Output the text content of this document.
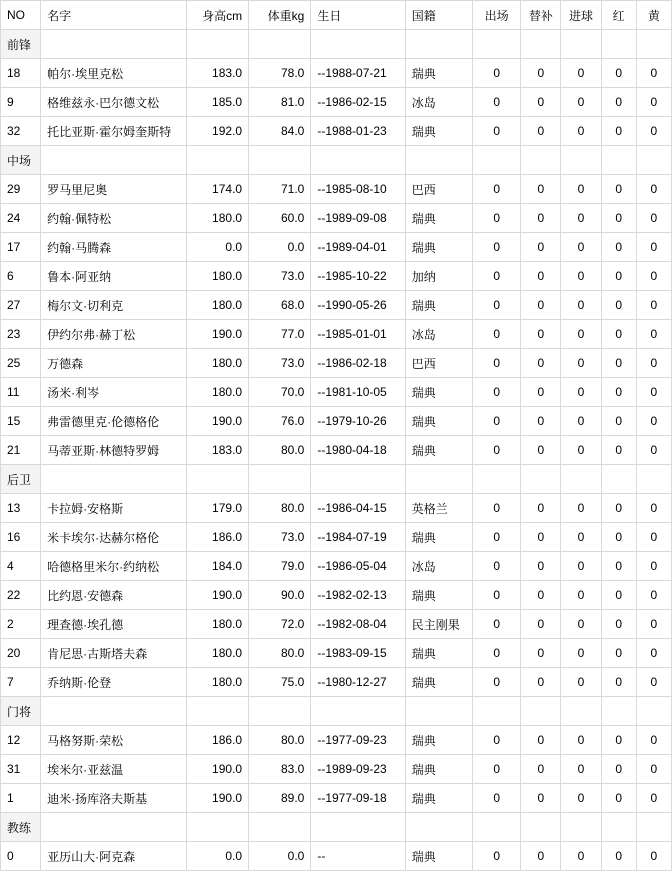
NO	名字	身高cm	体重kg	生日	国籍	出场	替补	进球	红	黄
前锋										
18	帕尔·埃里克松	183.0	78.0	--1988-07-21	瑞典	0	0	0	0	0
9	格维兹永·巴尔德文松	185.0	81.0	--1986-02-15	冰岛	0	0	0	0	0
32	托比亚斯·霍尔姆奎斯特	192.0	84.0	--1988-01-23	瑞典	0	0	0	0	0
中场										
29	罗马里尼奥	174.0	71.0	--1985-08-10	巴西	0	0	0	0	0
24	约翰·佩特松	180.0	60.0	--1989-09-08	瑞典	0	0	0	0	0
17	约翰·马腾森	0.0	0.0	--1989-04-01	瑞典	0	0	0	0	0
6	鲁本·阿亚纳	180.0	73.0	--1985-10-22	加纳	0	0	0	0	0
27	梅尔文·切利克	180.0	68.0	--1990-05-26	瑞典	0	0	0	0	0
23	伊约尔弗·赫丁松	190.0	77.0	--1985-01-01	冰岛	0	0	0	0	0
25	万德森	180.0	73.0	--1986-02-18	巴西	0	0	0	0	0
11	汤米·利岑	180.0	70.0	--1981-10-05	瑞典	0	0	0	0	0
15	弗雷德里克·伦德格伦	190.0	76.0	--1979-10-26	瑞典	0	0	0	0	0
21	马蒂亚斯·林德特罗姆	183.0	80.0	--1980-04-18	瑞典	0	0	0	0	0
后卫										
13	卡拉姆·安格斯	179.0	80.0	--1986-04-15	英格兰	0	0	0	0	0
16	米卡埃尔·达赫尔格伦	186.0	73.0	--1984-07-19	瑞典	0	0	0	0	0
4	哈德格里米尔·约纳松	184.0	79.0	--1986-05-04	冰岛	0	0	0	0	0
22	比约恩·安德森	190.0	90.0	--1982-02-13	瑞典	0	0	0	0	0
2	理查德·埃孔德	180.0	72.0	--1982-08-04	民主刚果	0	0	0	0	0
20	肯尼思·古斯塔夫森	180.0	80.0	--1983-09-15	瑞典	0	0	0	0	0
7	乔纳斯·伦登	180.0	75.0	--1980-12-27	瑞典	0	0	0	0	0
门将										
12	马格努斯·荣松	186.0	80.0	--1977-09-23	瑞典	0	0	0	0	0
31	埃米尔·亚兹温	190.0	83.0	--1989-09-23	瑞典	0	0	0	0	0
1	迪米·扬库洛夫斯基	190.0	89.0	--1977-09-18	瑞典	0	0	0	0	0
教练										
0	亚历山大·阿克森	0.0	0.0	--	瑞典	0	0	0	0	0
